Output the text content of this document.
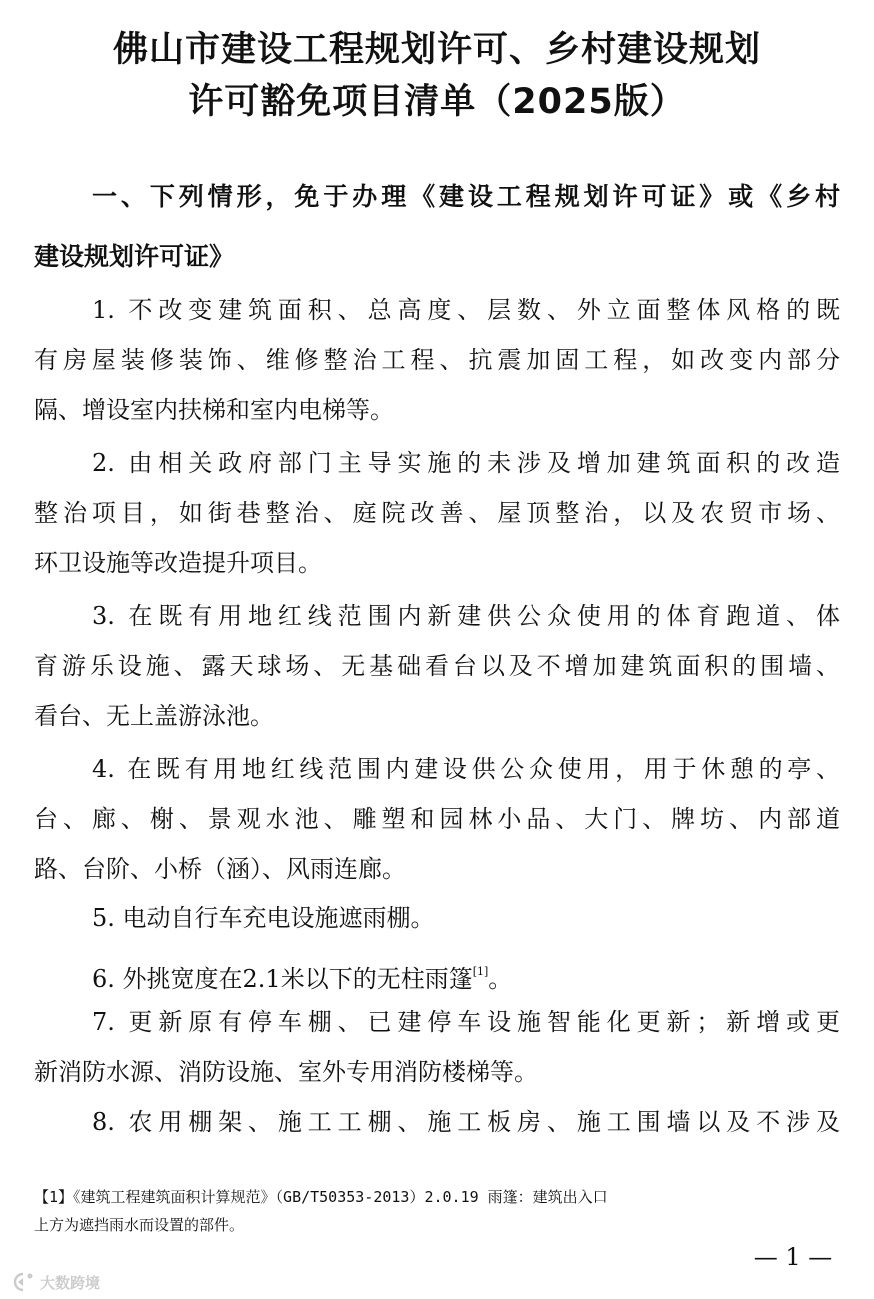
佛山市建设工程规划许可、乡村建设规划
许可豁免项目清单（2025版）
一、下列情形，免于办理《建设工程规划许可证》或《乡村
建设规划许可证》
1. 不改变建筑面积、总高度、层数、外立面整体风格的既
有房屋装修装饰、维修整治工程、抗震加固工程，如改变内部分
隔、增设室内扶梯和室内电梯等。
2. 由相关政府部门主导实施的未涉及增加建筑面积的改造
整治项目，如街巷整治、庭院改善、屋顶整治，以及农贸市场、
环卫设施等改造提升项目。
3. 在既有用地红线范围内新建供公众使用的体育跑道、体
育游乐设施、露天球场、无基础看台以及不增加建筑面积的围墙、
看台、无上盖游泳池。
4. 在既有用地红线范围内建设供公众使用，用于休憩的亭、
台、廊、榭、景观水池、雕塑和园林小品、大门、牌坊、内部道
路、台阶、小桥（涵）、风雨连廊。
5. 电动自行车充电设施遮雨棚。
6. 外挑宽度在2.1米以下的无柱雨篷[1]。
7. 更新原有停车棚、已建停车设施智能化更新；新增或更
新消防水源、消防设施、室外专用消防楼梯等。
8. 农用棚架、施工工棚、施工板房、施工围墙以及不涉及
【1】《建筑工程建筑面积计算规范》（GB/T50353-2013）2.0.19 雨篷：建筑出入口
上方为遮挡雨水而设置的部件。
— 1 —
大数跨境
